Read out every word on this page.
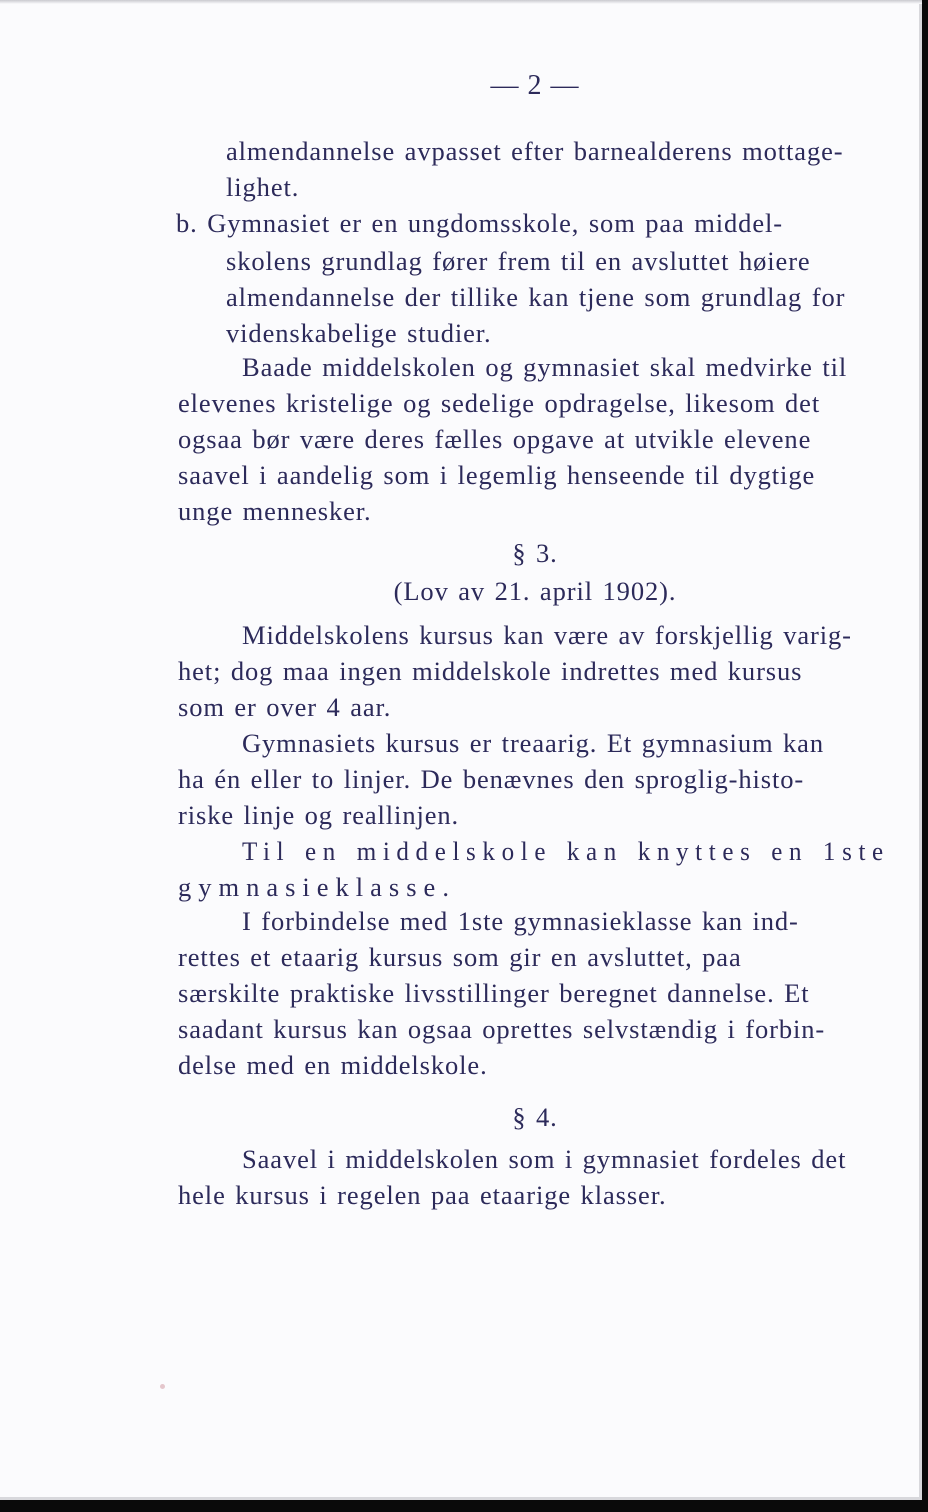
— 2 —
almendannelse avpasset efter barnealderens mottage-
lighet.
b. Gymnasiet er en ungdomsskole, som paa middel-
skolens grundlag fører frem til en avsluttet høiere
almendannelse der tillike kan tjene som grundlag for
videnskabelige studier.
Baade middelskolen og gymnasiet skal medvirke til
elevenes kristelige og sedelige opdragelse, likesom det
ogsaa bør være deres fælles opgave at utvikle elevene
saavel i aandelig som i legemlig henseende til dygtige
unge mennesker.
§ 3.
(Lov av 21. april 1902).
Middelskolens kursus kan være av forskjellig varig-
het; dog maa ingen middelskole indrettes med kursus
som er over 4 aar.
Gymnasiets kursus er treaarig. Et gymnasium kan
ha én eller to linjer. De benævnes den sproglig-histo-
riske linje og reallinjen.
Til en middelskole kan knyttes en 1ste
gymnasieklasse.
I forbindelse med 1ste gymnasieklasse kan ind-
rettes et etaarig kursus som gir en avsluttet, paa
særskilte praktiske livsstillinger beregnet dannelse. Et
saadant kursus kan ogsaa oprettes selvstændig i forbin-
delse med en middelskole.
§ 4.
Saavel i middelskolen som i gymnasiet fordeles det
hele kursus i regelen paa etaarige klasser.
